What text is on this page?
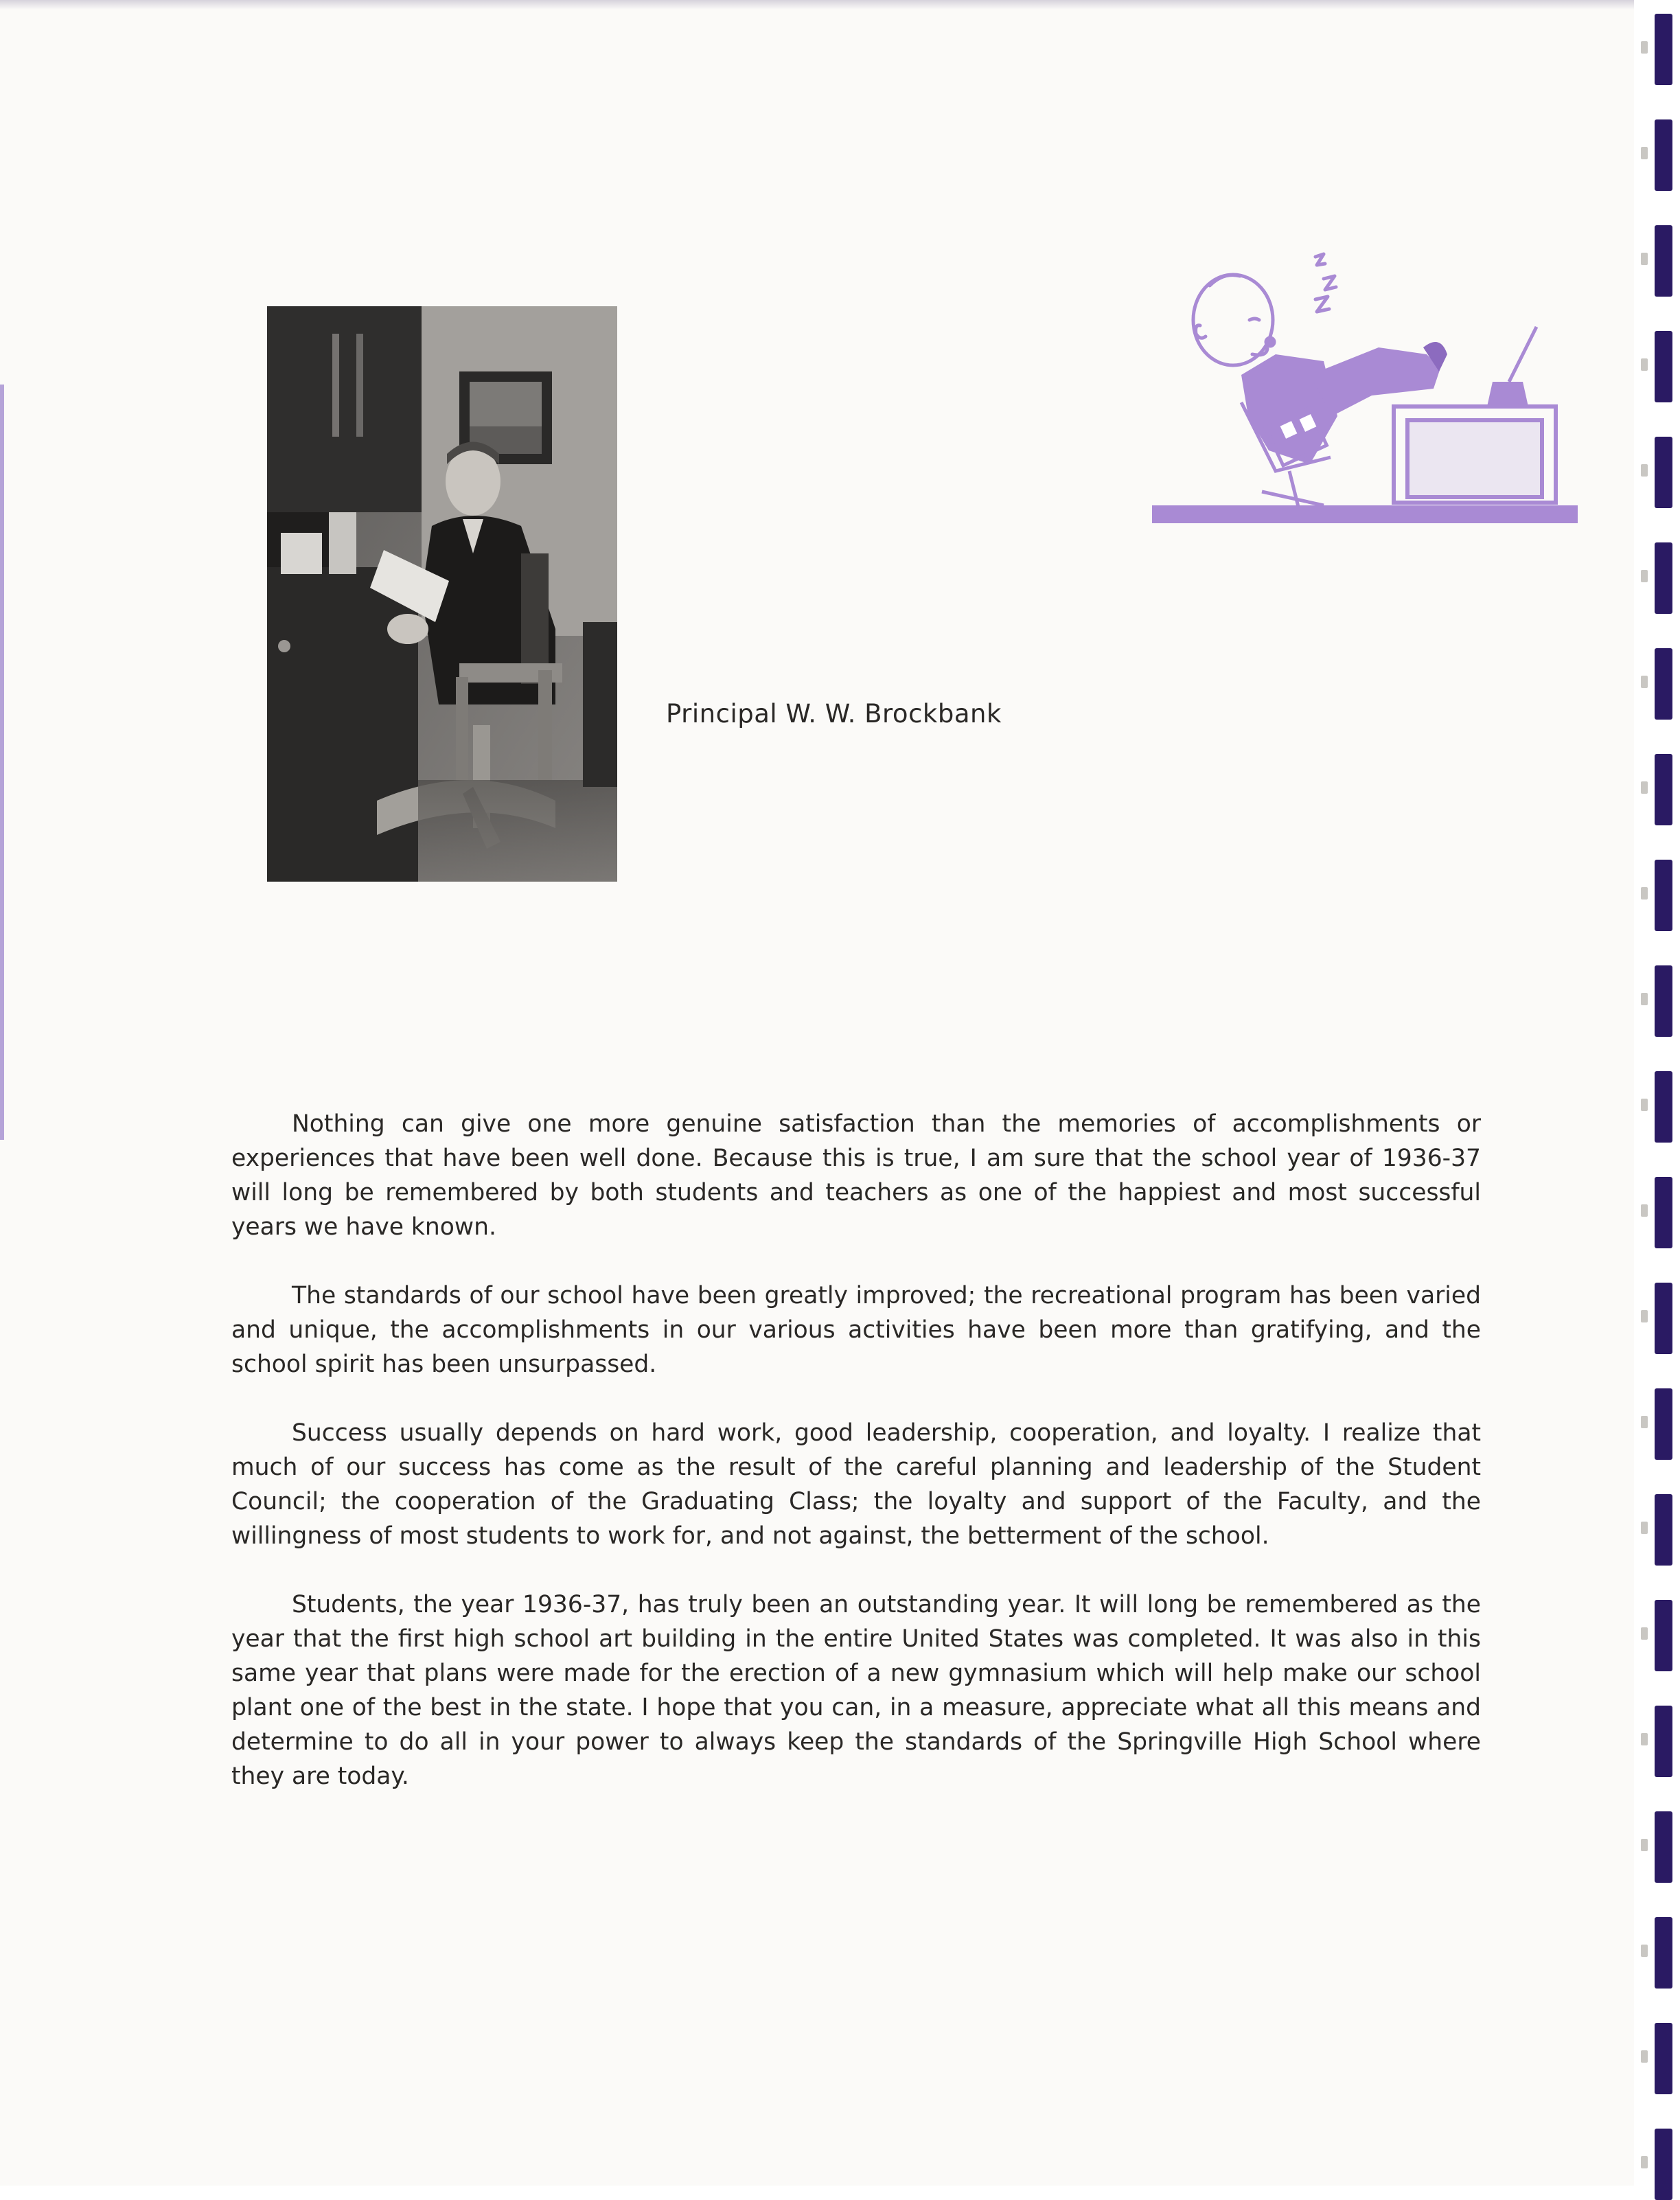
Principal W. W. Brockbank

Nothing can give one more genuine satisfaction than the memories of accomplishments or experiences that have been well done. Because this is true, I am sure that the school year of 1936-37 will long be remembered by both students and teachers as one of the happiest and most successful years we have known.

The standards of our school have been greatly improved; the recreational program has been varied and unique, the accomplishments in our various activities have been more than gratifying, and the school spirit has been unsurpassed.

Success usually depends on hard work, good leadership, cooperation, and loyalty. I realize that much of our success has come as the result of the careful planning and leadership of the Student Council; the cooperation of the Graduating Class; the loyalty and support of the Faculty, and the willingness of most students to work for, and not against, the betterment of the school.

Students, the year 1936-37, has truly been an outstanding year. It will long be remembered as the year that the first high school art building in the entire United States was completed. It was also in this same year that plans were made for the erection of a new gymnasium which will help make our school plant one of the best in the state. I hope that you can, in a measure, appreciate what all this means and determine to do all in your power to always keep the standards of the Springville High School where they are today.
